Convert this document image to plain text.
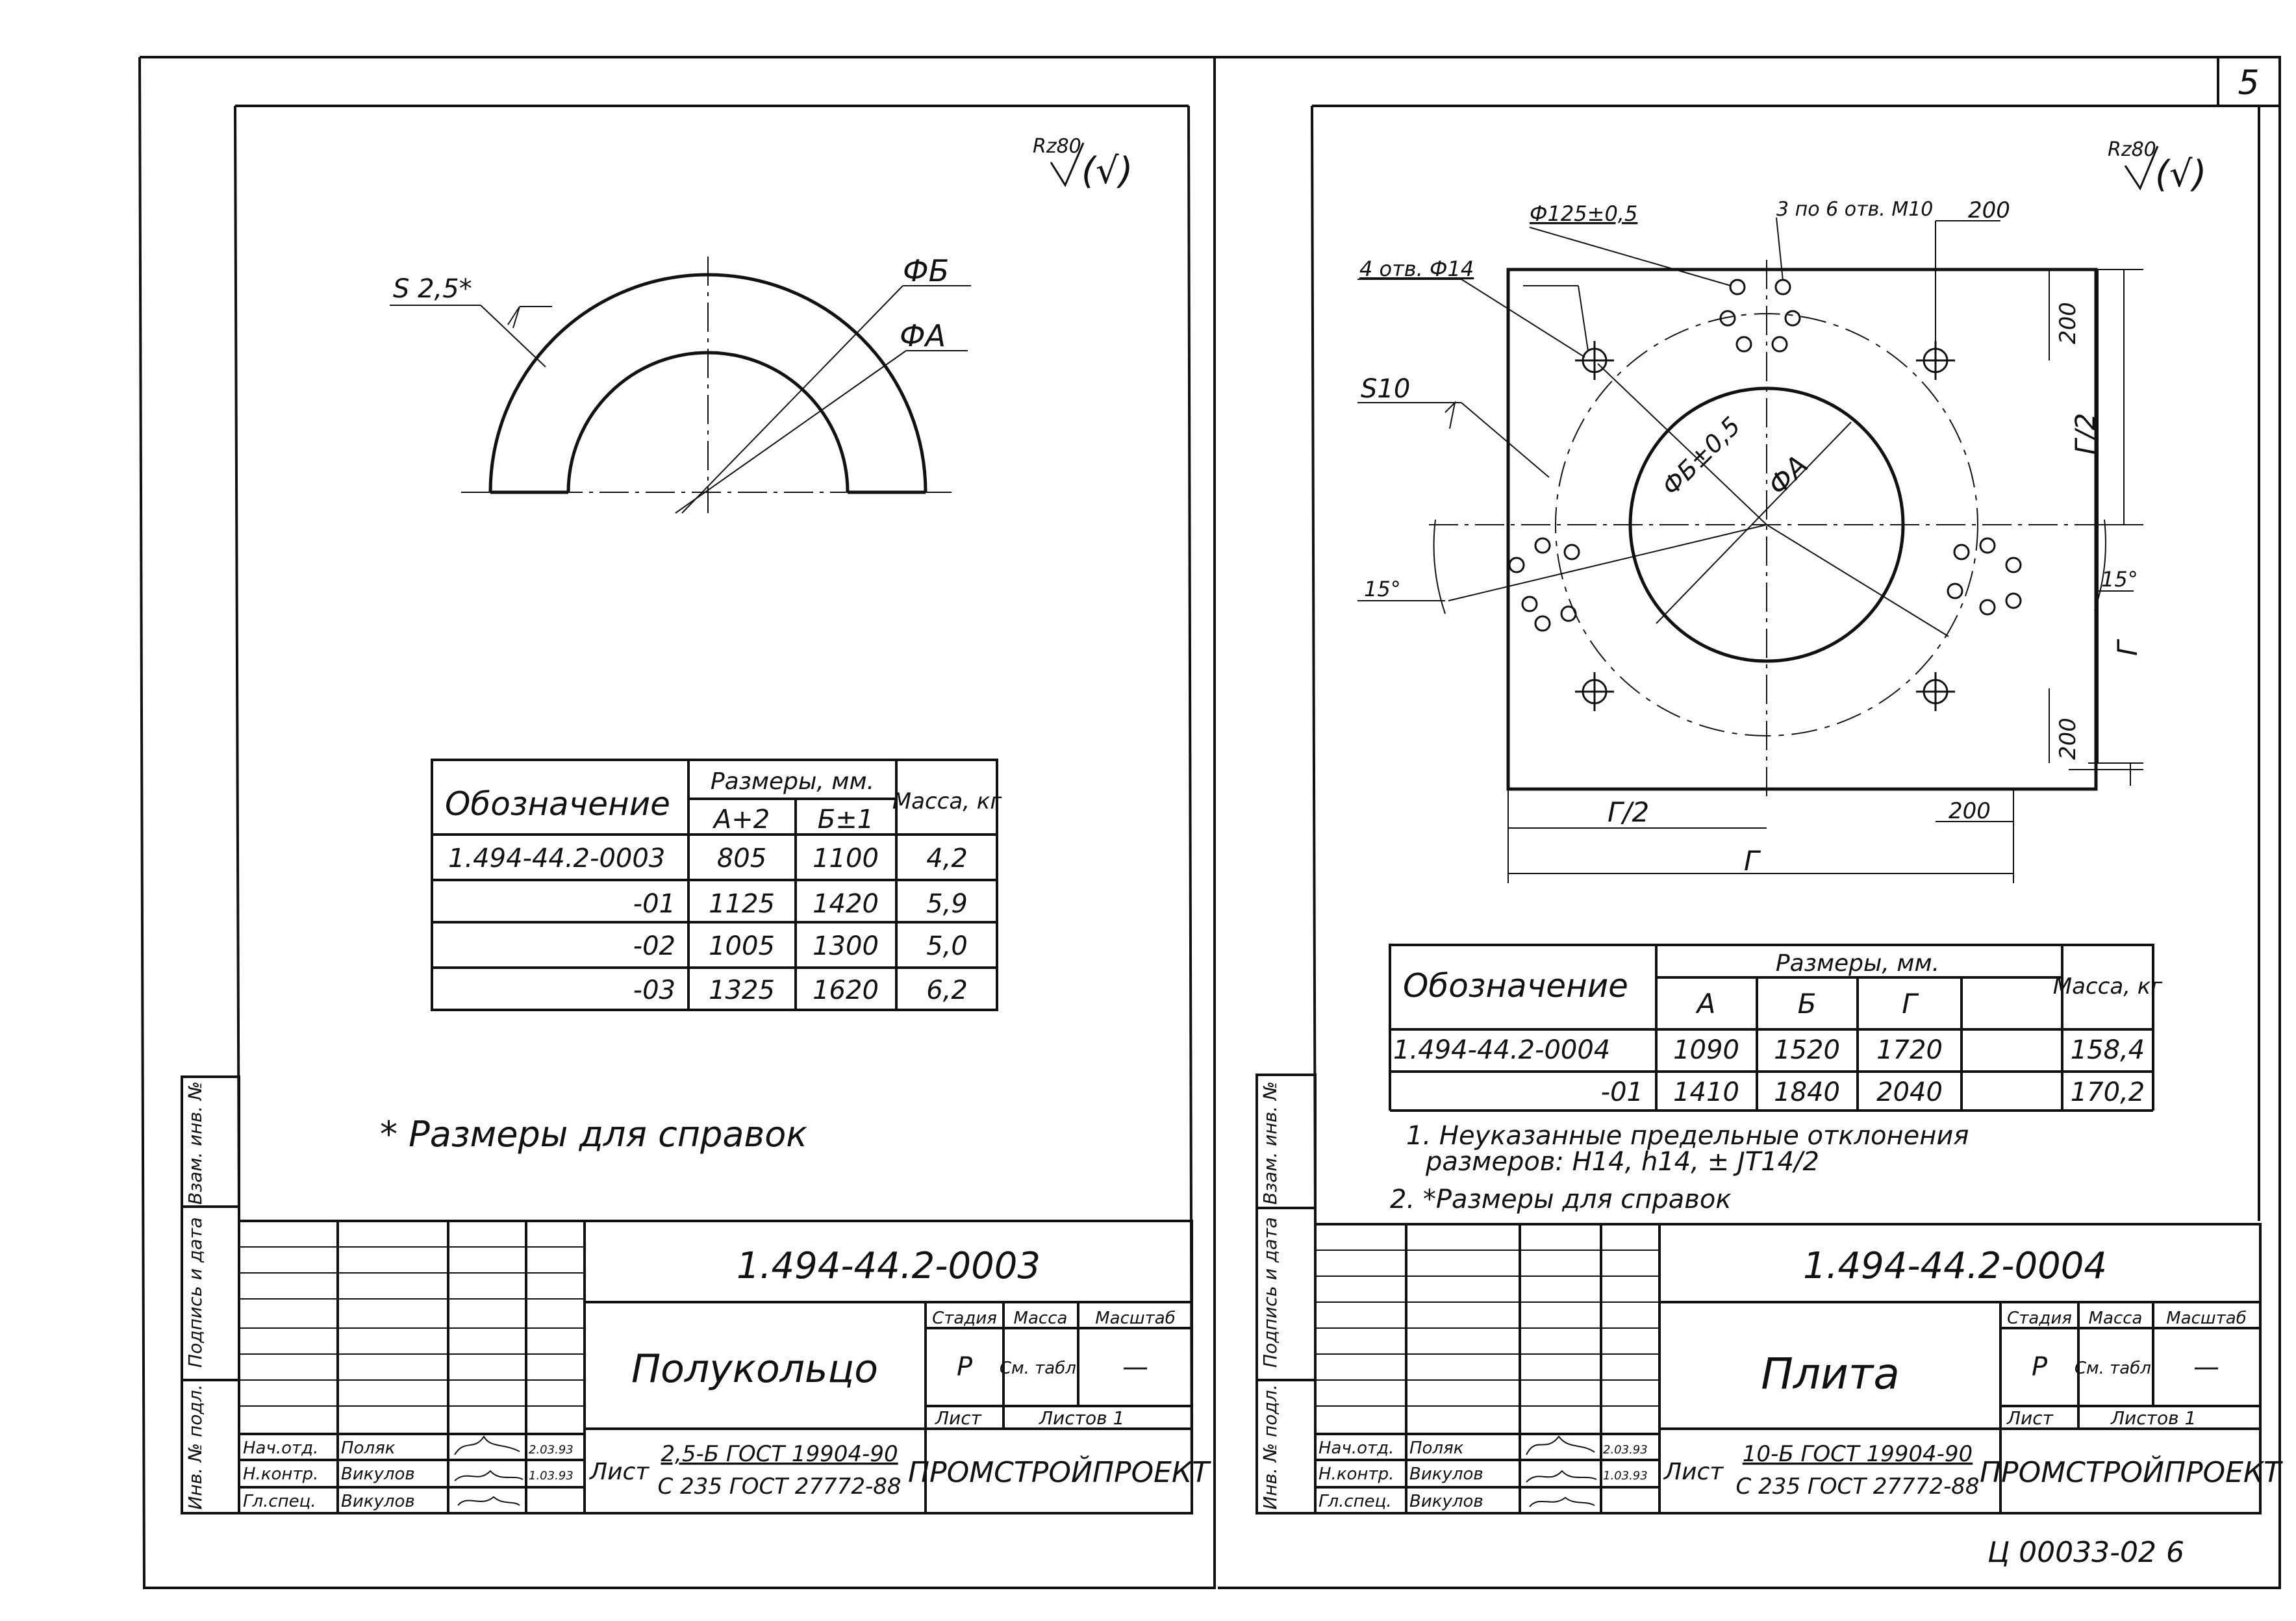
5
Rz80
(√)
S 2,5*
ФБ
ФА
Обозначение
Размеры, мм.
А+2 Б±1
Масса, кг
1.494-44.2-0003 805 1100 4,2
-01 1125 1420 5,9
-02 1005 1300 5,0
-03 1325 1620 6,2
* Размеры для справок
Взам. инв. №
Подпись и дата
Инв. № подл.
1.494-44.2-0003
Полукольцо
Стадия Масса Масштаб
Р См. табл. —
Лист	Листов 1
Лист
2,5-Б ГОСТ 19904-90
С 235 ГОСТ 27772-88 ПРОМСТРОЙПРОЕКТ
Нач.отд. Поляк	2.03.93
Н.контр. Викулов	1.03.93
Гл.спец. Викулов
Rz80
(√)
Ф125±0,5	3 по 6 отв. М10
4 отв. Ф14
S10
ФБ±0,5 ФА
200
200
Г/2
Г
200
Г/2	200
Г
15°	15°
Обозначение
Размеры, мм.
А	Б	Г
Масса, кг
1.494-44.2-0004 1090 1520 1720	158,4
-01 1410 1840 2040	170,2
1. Неуказанные предельные отклонения
размеров: H14, h14, ± JT14/2
2. *Размеры для справок
Взам. инв. №
Подпись и дата
Инв. № подл.
1.494-44.2-0004
Плита
Стадия Масса Масштаб
Р См. табл. —
Лист	Листов 1
Лист
10-Б ГОСТ 19904-90
С 235 ГОСТ 27772-88 ПРОМСТРОЙПРОЕКТ
Нач.отд. Поляк	2.03.93
Н.контр. Викулов	1.03.93
Гл.спец. Викулов
Ц 00033-02 6
